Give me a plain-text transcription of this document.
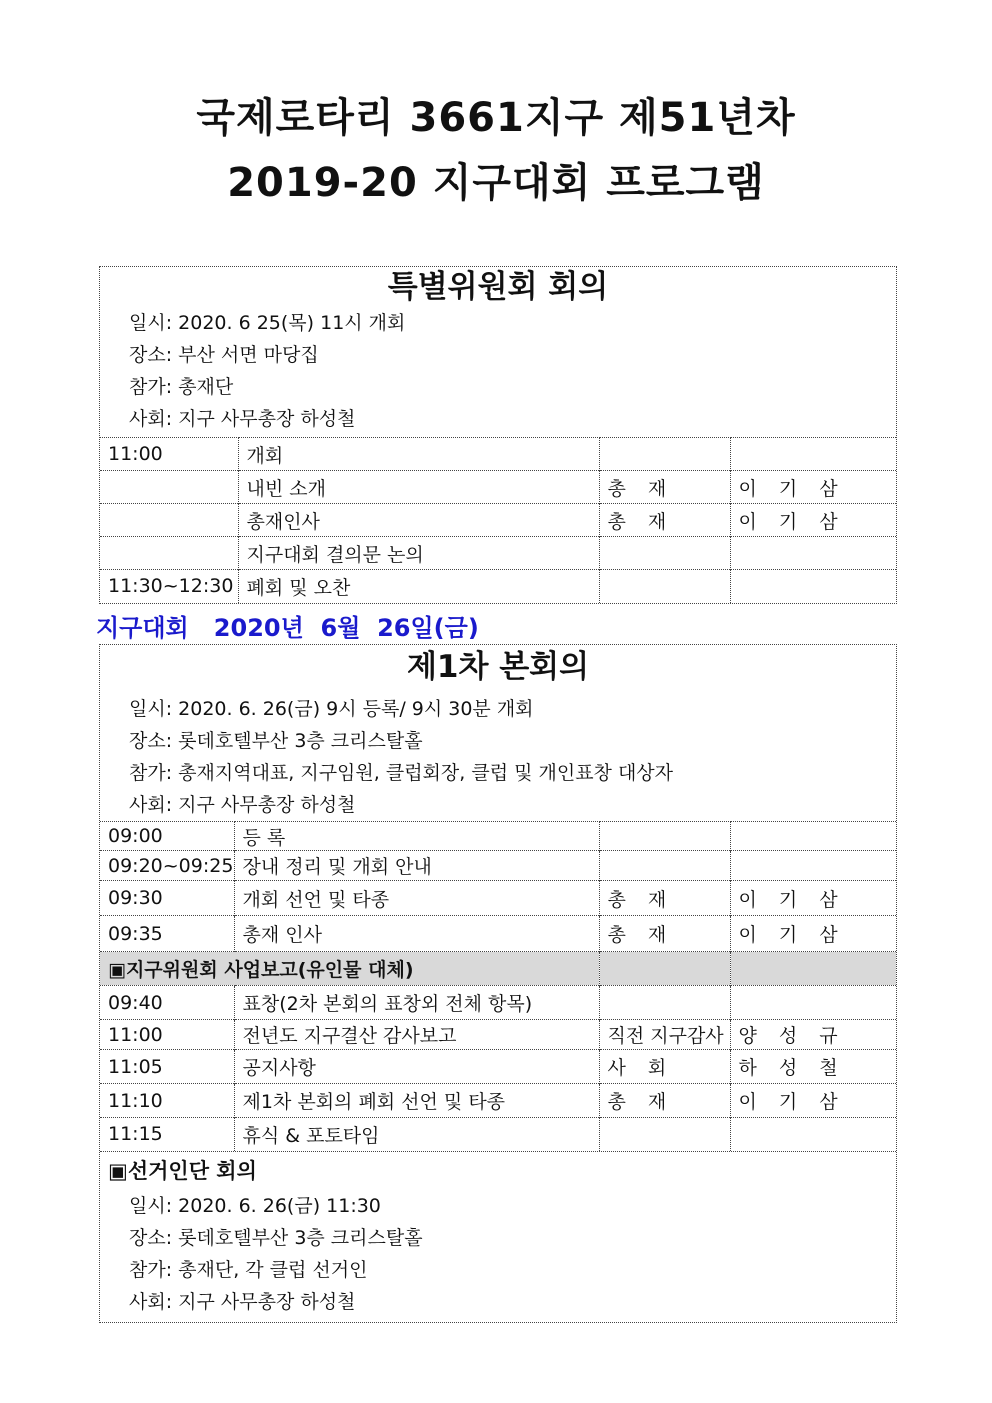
국제로타리 3661지구 제51년차
2019-20 지구대회 프로그램
특별위원회 회의
일시: 2020. 6 25(목) 11시 개회
장소: 부산 서면 마당집
참가: 총재단
사회: 지구 사무총장 하성철
11:00	개회		
	내빈 소개	총 재	이 기 삼
	총재인사	총 재	이 기 삼
	지구대회 결의문 논의		
11:30~12:30	폐회 및 오찬		
지구대회   2020년  6월  26일(금)
제1차 본회의
일시: 2020. 6. 26(금) 9시 등록/ 9시 30분 개회
장소: 롯데호텔부산 3층 크리스탈홀
참가: 총재지역대표, 지구임원, 클럽회장, 클럽 및 개인표창 대상자
사회: 지구 사무총장 하성철
09:00	등 록		
09:20~09:25	장내 정리 및 개회 안내		
09:30	개회 선언 및 타종	총 재	이 기 삼
09:35	총재 인사	총 재	이 기 삼
▣지구위원회 사업보고(유인물 대체)			
09:40	표창(2차 본회의 표창외 전체 항목)		
11:00	전년도 지구결산 감사보고	직전 지구감사	양 성 규
11:05	공지사항	사 회	하 성 철
11:10	제1차 본회의 폐회 선언 및 타종	총 재	이 기 삼
11:15	휴식 & 포토타임		
▣선거인단 회의
일시: 2020. 6. 26(금) 11:30
장소: 롯데호텔부산 3층 크리스탈홀
참가: 총재단, 각 클럽 선거인
사회: 지구 사무총장 하성철
